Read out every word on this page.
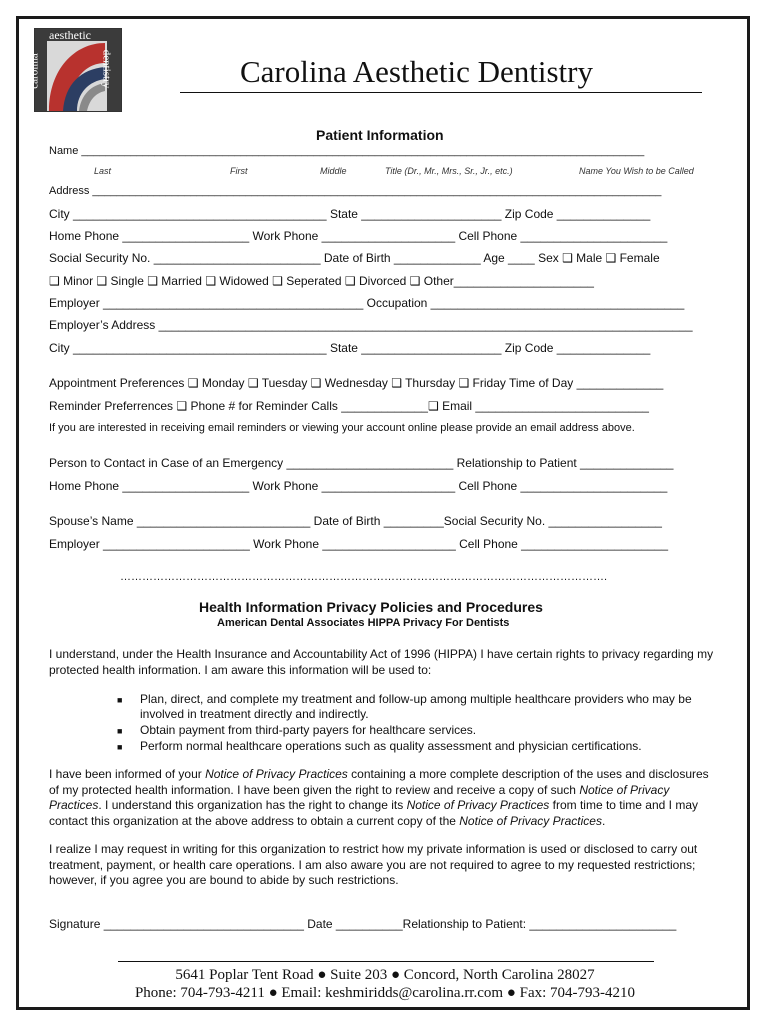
aesthetic
carolina	dentistry	Carolina Aesthetic Dentistry
Patient Information
Name ____________________________________________________________________________________________
Last	First	Middle	Title (Dr., Mr., Mrs., Sr., Jr., etc.)	Name You Wish to be Called
Address _____________________________________________________________________________________________
City ______________________________________ State _____________________ Zip Code ______________
Home Phone ___________________ Work Phone ____________________ Cell Phone ______________________
Social Security No. _________________________ Date of Birth _____________ Age ____ Sex ❑ Male ❑ Female
❑ Minor ❑ Single ❑ Married ❑ Widowed ❑ Seperated ❑ Divorced ❑ Other_____________________
Employer _______________________________________ Occupation ______________________________________
Employer’s Address ________________________________________________________________________________
City ______________________________________ State _____________________ Zip Code ______________
Appointment Preferences ❑ Monday ❑ Tuesday ❑ Wednesday ❑ Thursday ❑ Friday Time of Day _____________
Reminder Preferrences ❑ Phone # for Reminder Calls _____________❑ Email __________________________
If you are interested in receiving email reminders or viewing your account online please provide an email address above.
Person to Contact in Case of an Emergency _________________________ Relationship to Patient ______________
Home Phone ___________________ Work Phone ____________________ Cell Phone ______________________
Spouse’s Name __________________________ Date of Birth _________Social Security No. _________________
Employer ______________________ Work Phone ____________________ Cell Phone ______________________
…………………………………………………………………………………………………………………….
Health Information Privacy Policies and Procedures
American Dental Associates HIPPA Privacy For Dentists

I understand, under the Health Insurance and Accountability Act of 1996 (HIPPA) I have certain rights to privacy regarding my protected health information. I am aware this information will be used to:

■ Plan, direct, and complete my treatment and follow-up among multiple healthcare providers who may be involved in treatment directly and indirectly.

■ Obtain payment from third-party payers for healthcare services.
■ Perform normal healthcare operations such as quality assessment and physician certifications.

I have been informed of your Notice of Privacy Practices containing a more complete description of the uses and disclosures of my protected health information. I have been given the right to review and receive a copy of such Notice of Privacy Practices. I understand this organization has the right to change its Notice of Privacy Practices from time to time and I may contact this organization at the above address to obtain a current copy of the Notice of Privacy Practices.

I realize I may request in writing for this organization to restrict how my private information is used or disclosed to carry out treatment, payment, or health care operations. I am also aware you are not required to agree to my requested restrictions; however, if you agree you are bound to abide by such restrictions.

Signature ______________________________ Date __________Relationship to Patient: ______________________
5641 Poplar Tent Road ● Suite 203 ● Concord, North Carolina 28027
Phone: 704-793-4211 ● Email: keshmiridds@carolina.rr.com ● Fax: 704-793-4210
